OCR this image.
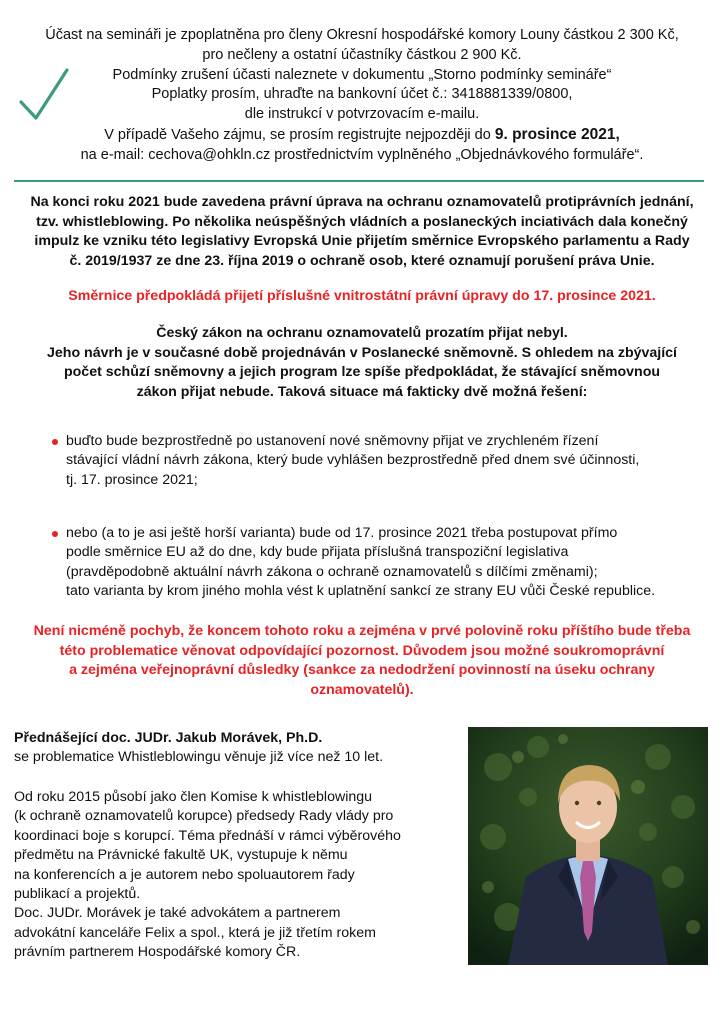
Účast na semináři je zpoplatněna pro členy Okresní hospodářské komory Louny částkou 2 300 Kč,
pro nečleny a ostatní účastníky částkou 2 900 Kč.
Podmínky zrušení účasti naleznete v dokumentu „Storno podmínky semináře“
Poplatky prosím, uhraďte na bankovní účet č.: 3418881339/0800,
dle instrukcí v potvrzovacím e-mailu.
V případě Vašeho zájmu, se prosím registrujte nejpozději do 9. prosince 2021,
na e-mail: cechova@ohkln.cz prostřednictvím vyplněného „Objednávkového formuláře“.
Na konci roku 2021 bude zavedena právní úprava na ochranu oznamovatelů protiprávních jednání,
tzv. whistleblowing. Po několika neúspěšných vládních a poslaneckých inciativách dala konečný
impulz ke vzniku této legislativy Evropská Unie přijetím směrnice Evropského parlamentu a Rady
č. 2019/1937 ze dne 23. října 2019 o ochraně osob, které oznamují porušení práva Unie.
Směrnice předpokládá přijetí příslušné vnitrostátní právní úpravy do 17. prosince 2021.
Český zákon na ochranu oznamovatelů prozatím přijat nebyl.
Jeho návrh je v současné době projednáván v Poslanecké sněmovně. S ohledem na zbývající
počet schůzí sněmovny a jejich program lze spíše předpokládat, že stávající sněmovnou
zákon přijat nebude. Taková situace má fakticky dvě možná řešení:
buďto bude bezprostředně po ustanovení nové sněmovny přijat ve zrychleném řízení
stávající vládní návrh zákona, který bude vyhlášen bezprostředně před dnem své účinnosti,
tj. 17. prosince 2021;
nebo (a to je asi ještě horší varianta) bude od 17. prosince 2021 třeba postupovat přímo
podle směrnice EU až do dne, kdy bude přijata příslušná transpoziční legislativa
(pravděpodobně aktuální návrh zákona o ochraně oznamovatelů s dílčími změnami);
tato varianta by krom jiného mohla vést k uplatnění sankcí ze strany EU vůči České republice.
Není nicméně pochyb, že koncem tohoto roku a zejména v prvé polovině roku příštího bude třeba
této problematice věnovat odpovídající pozornost. Důvodem jsou možné soukromoprávní
a zejména veřejnoprávní důsledky (sankce za nedodržení povinností na úseku ochrany
oznamovatelů).
Přednášející doc. JUDr. Jakub Morávek, Ph.D.
se problematice Whistleblowingu věnuje již více než 10 let.
Od roku 2015 působí jako člen Komise k whistleblowingu
(k ochraně oznamovatelů korupce) předsedy Rady vlády pro
koordinaci boje s korupcí. Téma přednáší v rámci výběrového
předmětu na Právnické fakultě UK, vystupuje k němu
na konferencích a je autorem nebo spoluautorem řady
publikací a projektů.
Doc. JUDr. Morávek je také advokátem a partnerem
advokátní kanceláře Felix a spol., která je již třetím rokem
právním partnerem Hospodářské komory ČR.
